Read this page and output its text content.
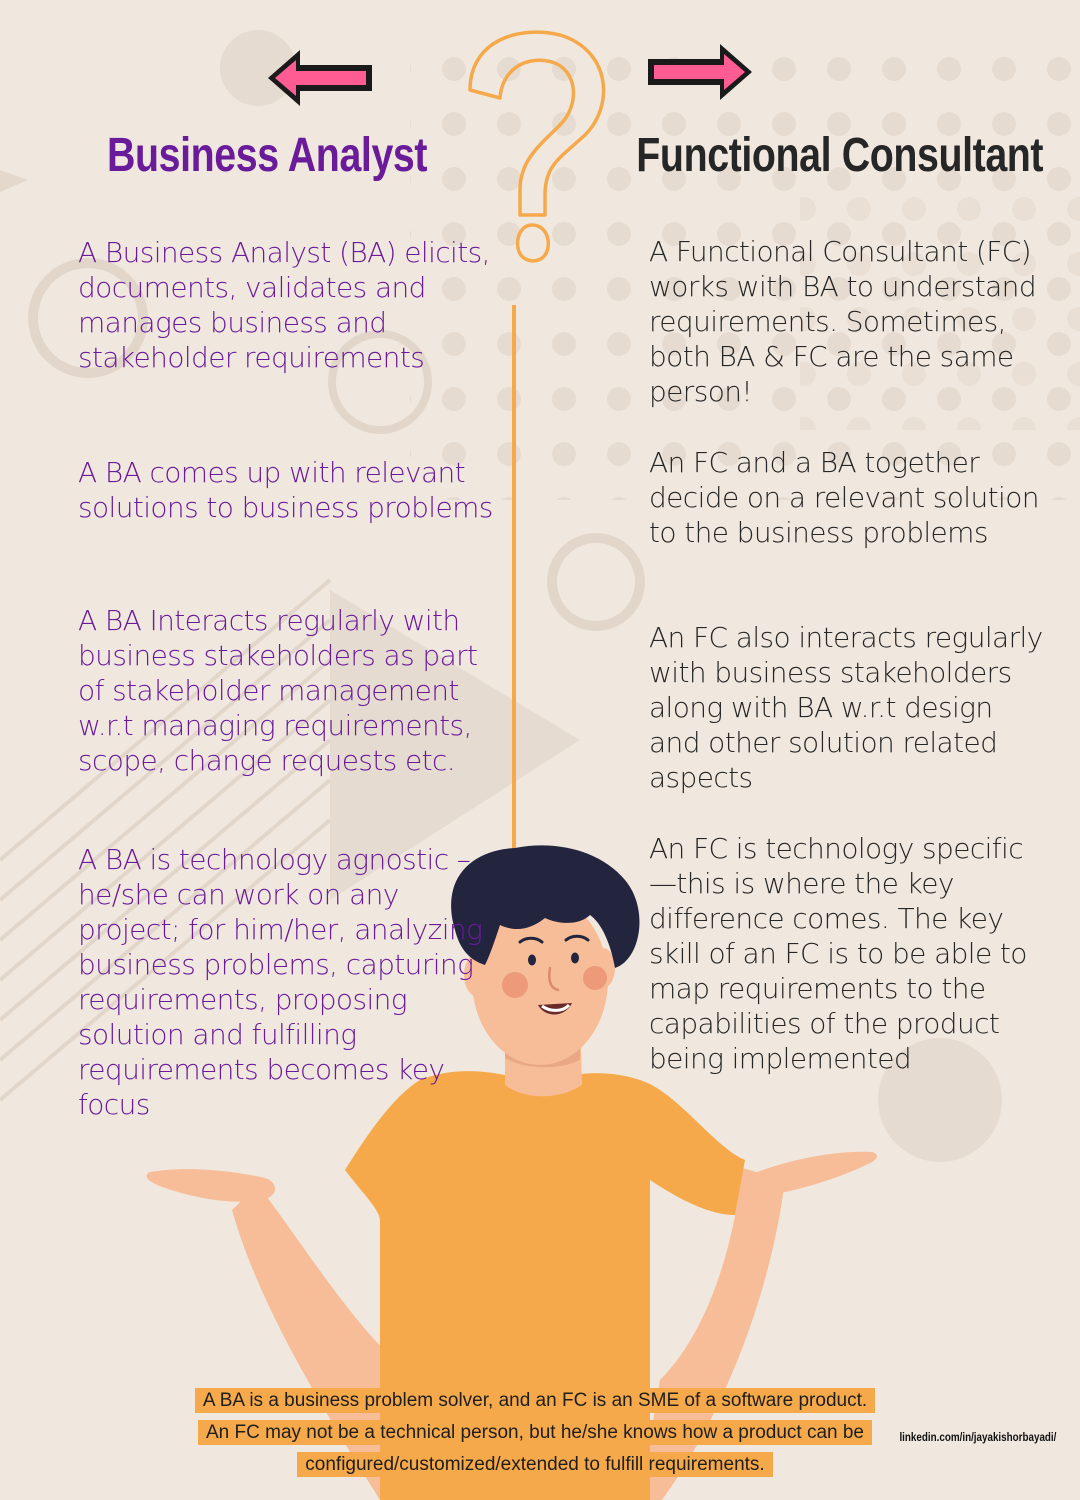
Business Analyst	Functional Consultant

A Business Analyst (BA) elicits, documents, validates and manages business and stakeholder requirements

A BA comes up with relevant solutions to business problems

A BA Interacts regularly with business stakeholders as part of stakeholder management w.r.t managing requirements, scope, change requests etc.

A BA is technology agnostic – he/she can work on any project; for him/her, analyzing business problems, capturing requirements, proposing solution and fulfilling requirements becomes key focus

A Functional Consultant (FC) works with BA to understand requirements. Sometimes, both BA & FC are the same person!

An FC and a BA together decide on a relevant solution to the business problems

An FC also interacts regularly with business stakeholders along with BA w.r.t design and other solution related aspects

An FC is technology specific—this is where the key difference comes. The key skill of an FC is to be able to map requirements to the capabilities of the product being implemented

A BA is a business problem solver, and an FC is an SME of a software product.
An FC may not be a technical person, but he/she knows how a product can be
configured/customized/extended to fulfill requirements.
linkedin.com/in/jayakishorbayadi/
